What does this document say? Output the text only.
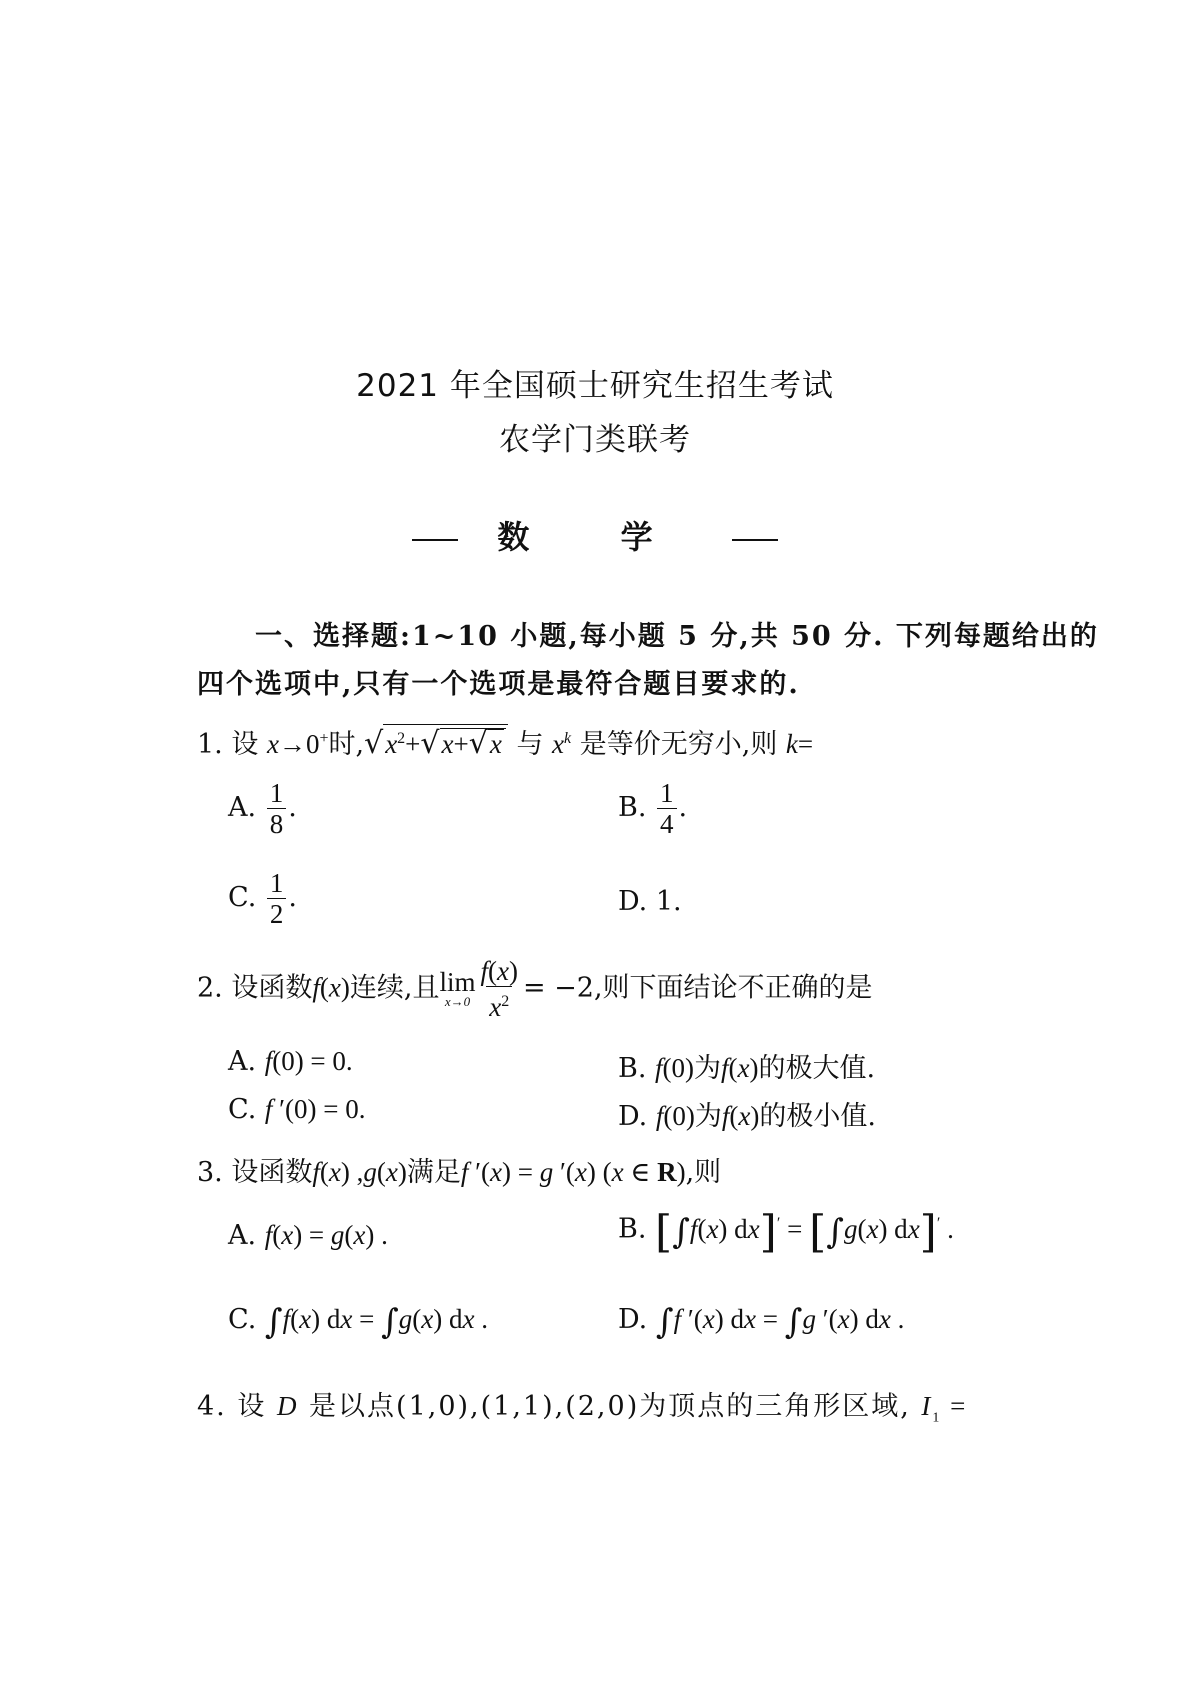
2021 年全国硕士研究生招生考试
农学门类联考
数 学
一、选择题:1~10 小题,每小题 5 分,共 50 分. 下列每题给出的
四个选项中,只有一个选项是最符合题目要求的.
1. 设 x→0+时$,√x^2+√x+√x$ 与 $x^k$ 是等价无穷小,则 k=
A. $\frac{1}{8}$ .	B. $\frac{1}{4}$ .
C. $\frac{1}{2}$ .	D. 1.
2. 设函数f(x)连续,且 lim
$x\to 0 \frac{f(x)}{x^2} = -2$,则下面结论不正确的是
A. f(0) = 0.	B. f(0)为f(x)的极大值.
C. f ′(0) = 0.	D. f(0)为f(x)的极小值.
3. 设函数f(x) ,g(x)满足f ′(x) = g ′(x) (x ∈ R),则
A. f(x) = g(x) .	B. [∫f(x) dx]′ = [∫g(x) dx]′ .
C. ∫f(x) dx = ∫g(x) dx .	D. ∫f ′(x) dx = ∫g ′(x) dx .
4. 设 D 是以点(1,0),(1,1),(2,0)为顶点的三角形区域, $I_1$ =
